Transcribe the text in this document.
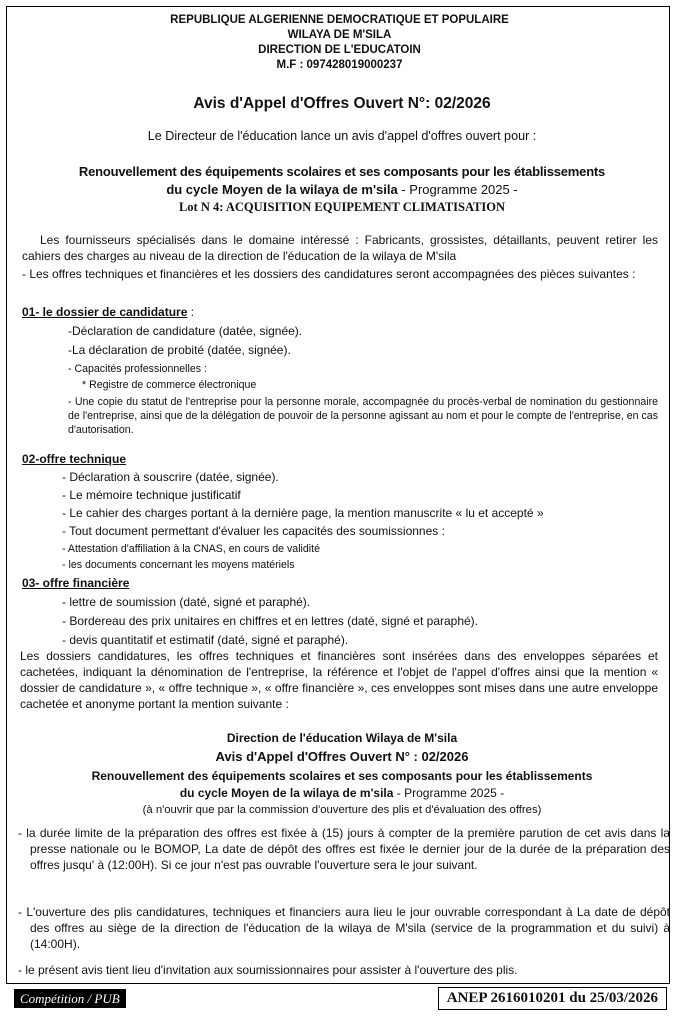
REPUBLIQUE ALGERIENNE DEMOCRATIQUE ET POPULAIRE
WILAYA DE M'SILA
DIRECTION DE L'EDUCATOIN
M.F : 097428019000237
Avis d'Appel d'Offres Ouvert N°: 02/2026
Le Directeur de l'éducation lance un avis d'appel d'offres ouvert pour :
Renouvellement des équipements scolaires et ses composants pour les établissements
du cycle Moyen de la wilaya de m'sila - Programme 2025 -
Lot N 4: ACQUISITION EQUIPEMENT CLIMATISATION
Les fournisseurs spécialisés dans le domaine intéressé : Fabricants, grossistes, détaillants, peuvent retirer les cahiers des charges au niveau de la direction de l'éducation de la wilaya de M'sila
- Les offres techniques et financières et les dossiers des candidatures seront accompagnées des pièces suivantes :
01- le dossier de candidature :
-Déclaration de candidature (datée, signée).
-La déclaration de probité (datée, signée).
- Capacités professionnelles :
* Registre de commerce électronique
- Une copie du statut de l'entreprise pour la personne morale, accompagnée du procès-verbal de nomination du gestionnaire de l'entreprise, ainsi que de la délégation de pouvoir de la personne agissant au nom et pour le compte de l'entreprise, en cas d'autorisation.
02-offre technique
- Déclaration à souscrire (datée, signée).
- Le mémoire technique justificatif
- Le cahier des charges portant à la dernière page, la mention manuscrite « lu et accepté »
- Tout document permettant d'évaluer les capacités des soumissionnes :
- Attestation d'affiliation à la CNAS, en cours de validité
- les documents concernant les moyens matériels
03- offre financière
- lettre de soumission (daté, signé et paraphé).
- Bordereau des prix unitaires en chiffres et en lettres (daté, signé et paraphé).
- devis quantitatif et estimatif (daté, signé et paraphé).
Les dossiers candidatures, les offres techniques et financières sont insérées dans des enveloppes séparées et cachetées, indiquant la dénomination de l'entreprise, la référence et l'objet de l'appel d'offres ainsi que la mention « dossier de candidature », « offre technique », « offre financière », ces enveloppes sont mises dans une autre enveloppe cachetée et anonyme portant la mention suivante :
Direction de l'éducation Wilaya de M'sila
Avis d'Appel d'Offres Ouvert N° : 02/2026
Renouvellement des équipements scolaires et ses composants pour les établissements
du cycle Moyen de la wilaya de m'sila - Programme 2025 -
(à n'ouvrir que par la commission d'ouverture des plis et d'évaluation des offres)
- la durée limite de la préparation des offres est fixée à (15) jours à compter de la première parution de cet avis dans la presse nationale ou le BOMOP, La date de dépôt des offres est fixée le dernier jour de la durée de la préparation des offres jusqu' à (12:00H). Si ce jour n'est pas ouvrable l'ouverture sera le jour suivant.
- L'ouverture des plis candidatures, techniques et financiers aura lieu le jour ouvrable correspondant à La date de dépôt des offres au siège de la direction de l'éducation de la wilaya de M'sila (service de la programmation et du suivi) à (14:00H).
- le présent avis tient lieu d'invitation aux soumissionnaires pour assister à l'ouverture des plis.
Compétition / PUB	ANEP 2616010201 du 25/03/2026
